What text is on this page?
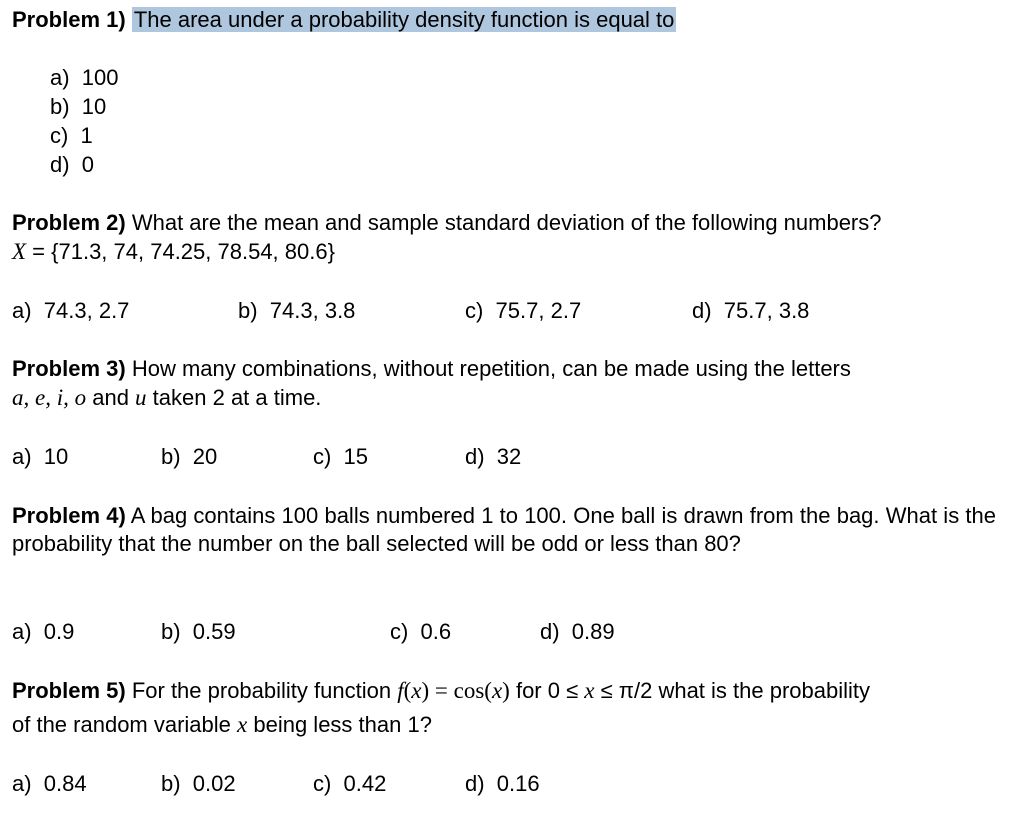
Problem 1) The area under a probability density function is equal to
a)  100
b)  10
c)  1
d)  0
Problem 2) What are the mean and sample standard deviation of the following numbers?
X = {71.3, 74, 74.25, 78.54, 80.6}
a)  74.3, 2.7	b)  74.3, 3.8	c)  75.7, 2.7	d)  75.7, 3.8
Problem 3) How many combinations, without repetition, can be made using the letters
a, e, i, o and u taken 2 at a time.
a)  10	b)  20	c)  15	d)  32
Problem 4) A bag contains 100 balls numbered 1 to 100. One ball is drawn from the bag. What is the probability that the number on the ball selected will be odd or less than 80?
a)  0.9	b)  0.59	c)  0.6	d)  0.89
Problem 5) For the probability function f(x) = cos(x) for 0 ≤ x ≤ π/2 what is the probability
of the random variable x being less than 1?
a)  0.84	b)  0.02	c)  0.42	d)  0.16
